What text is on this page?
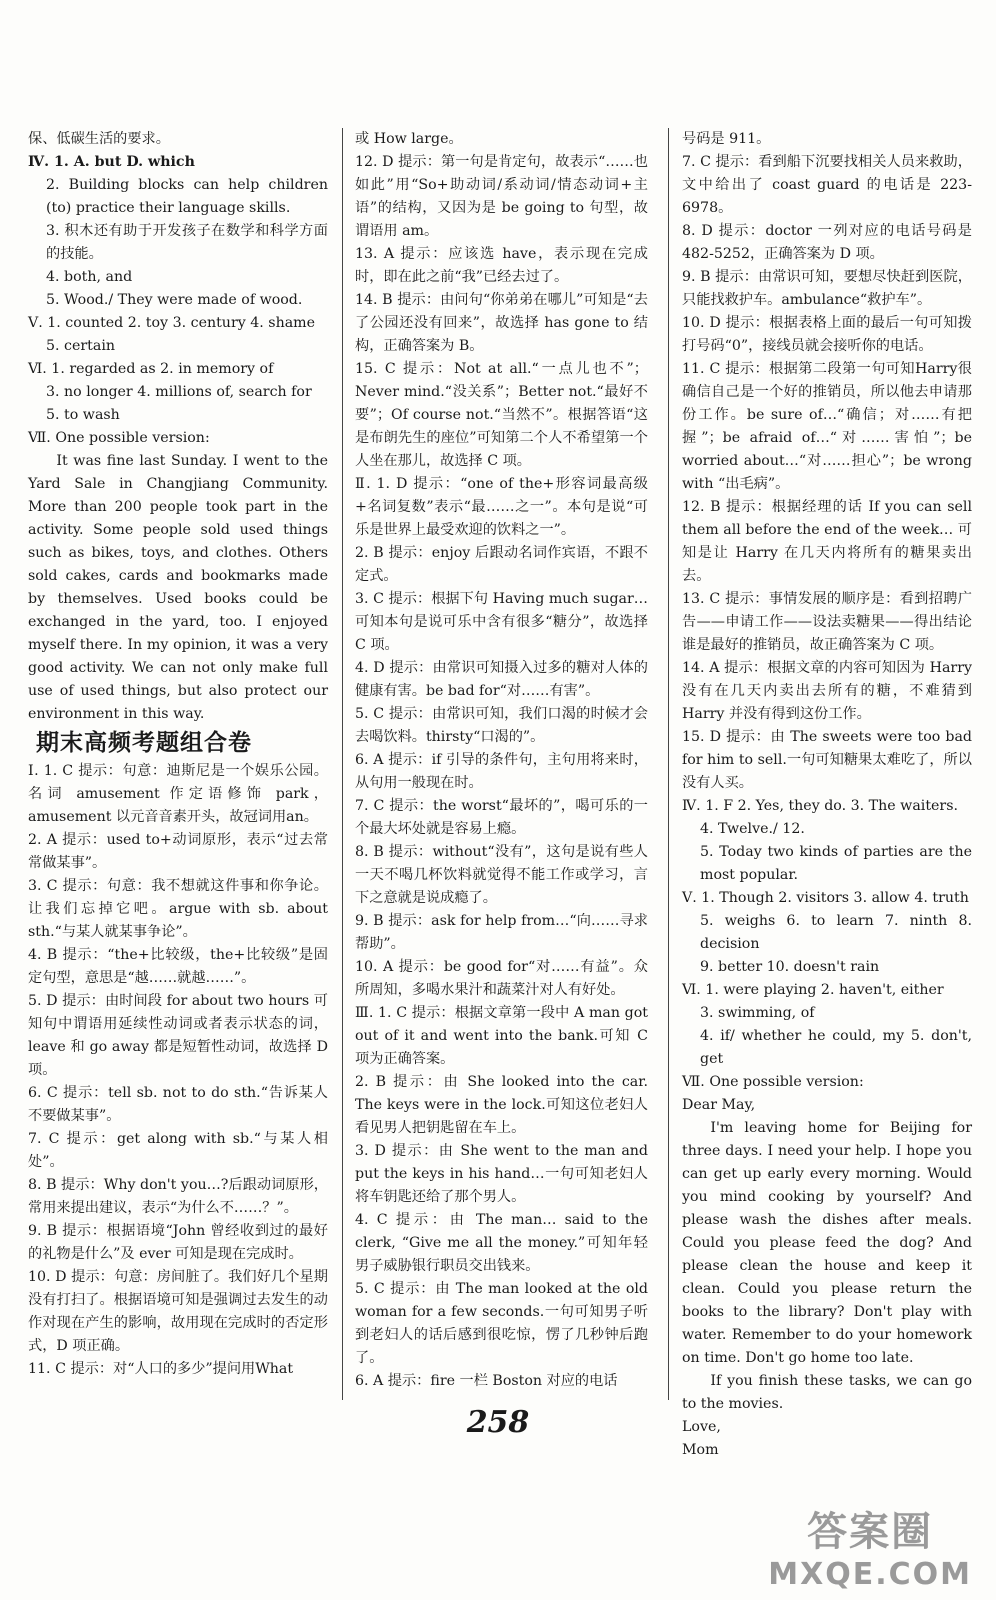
保、低碳生活的要求。

Ⅳ. 1. A. but D. which

2. Building blocks can help children (to) practice their language skills.

3. 积木还有助于开发孩子在数学和科学方面的技能。

4. both, and

5. Wood./ They were made of wood.

Ⅴ. 1. counted 2. toy 3. century 4. shame

5. certain

Ⅵ. 1. regarded as 2. in memory of

3. no longer 4. millions of, search for

5. to wash

Ⅶ. One possible version:

It was fine last Sunday. I went to the Yard Sale in Changjiang Community. More than 200 people took part in the activity. Some people sold used things such as bikes, toys, and clothes. Others sold cakes, cards and bookmarks made by themselves. Used books could be exchanged in the yard, too. I enjoyed myself there. In my opinion, it was a very good activity. We can not only make full use of used things, but also protect our environment in this way.

期末高频考题组合卷

Ⅰ. 1. C 提示：句意：迪斯尼是一个娱乐公园。名词 amusement 作定语修饰 park，amusement 以元音音素开头，故冠词用an。

2. A 提示：used to+动词原形，表示“过去常常做某事”。

3. C 提示：句意：我不想就这件事和你争论。让我们忘掉它吧。argue with sb. about sth.“与某人就某事争论”。

4. B 提示：“the+比较级，the+比较级”是固定句型，意思是“越……就越……”。

5. D 提示：由时间段 for about two hours 可知句中谓语用延续性动词或者表示状态的词，leave 和 go away 都是短暂性动词，故选择 D 项。

6. C 提示：tell sb. not to do sth.“告诉某人不要做某事”。

7. C 提示：get along with sb.“与某人相处”。

8. B 提示：Why don't you…?后跟动词原形，常用来提出建议，表示“为什么不……？”。

9. B 提示：根据语境“John 曾经收到过的最好的礼物是什么”及 ever 可知是现在完成时。

10. D 提示：句意：房间脏了。我们好几个星期没有打扫了。根据语境可知是强调过去发生的动作对现在产生的影响，故用现在完成时的否定形式，D 项正确。

11. C 提示：对“人口的多少”提问用What

或 How large。

12. D 提示：第一句是肯定句，故表示“……也如此”用“So+助动词/系动词/情态动词+主语”的结构，又因为是 be going to 句型，故谓语用 am。

13. A 提示：应该选 have，表示现在完成时，即在此之前“我”已经去过了。

14. B 提示：由问句“你弟弟在哪儿”可知是“去了公园还没有回来”，故选择 has gone to 结构，正确答案为 B。

15. C 提示：Not at all.“一点儿也不”；Never mind.“没关系”；Better not.“最好不要”；Of course not.“当然不”。根据答语“这是布朗先生的座位”可知第二个人不希望第一个人坐在那儿，故选择 C 项。

Ⅱ. 1. D 提示：“one of the+形容词最高级+名词复数”表示“最……之一”。本句是说“可乐是世界上最受欢迎的饮料之一”。

2. B 提示：enjoy 后跟动名词作宾语，不跟不定式。

3. C 提示：根据下句 Having much sugar… 可知本句是说可乐中含有很多“糖分”，故选择 C 项。

4. D 提示：由常识可知摄入过多的糖对人体的健康有害。be bad for“对……有害”。

5. C 提示：由常识可知，我们口渴的时候才会去喝饮料。thirsty“口渴的”。

6. A 提示：if 引导的条件句，主句用将来时，从句用一般现在时。

7. C 提示：the worst“最坏的”，喝可乐的一个最大坏处就是容易上瘾。

8. B 提示：without“没有”，这句是说有些人一天不喝几杯饮料就觉得不能工作或学习，言下之意就是说成瘾了。

9. B 提示：ask for help from…“向……寻求帮助”。

10. A 提示：be good for“对……有益”。众所周知，多喝水果汁和蔬菜汁对人有好处。

Ⅲ. 1. C 提示：根据文章第一段中 A man got out of it and went into the bank.可知 C 项为正确答案。

2. B 提示：由 She looked into the car. The keys were in the lock.可知这位老妇人看见男人把钥匙留在车上。

3. D 提示：由 She went to the man and put the keys in his hand…一句可知老妇人将车钥匙还给了那个男人。

4. C 提示：由 The man… said to the clerk, “Give me all the money.”可知年轻男子威胁银行职员交出钱来。

5. C 提示：由 The man looked at the old woman for a few seconds.一句可知男子听到老妇人的话后感到很吃惊，愣了几秒钟后跑了。

6. A 提示：fire 一栏 Boston 对应的电话

号码是 911。

7. C 提示：看到船下沉要找相关人员来救助，文中给出了 coast guard 的电话是 223-6978。

8. D 提示：doctor 一列对应的电话号码是 482-5252，正确答案为 D 项。

9. B 提示：由常识可知，要想尽快赶到医院，只能找救护车。ambulance“救护车”。

10. D 提示：根据表格上面的最后一句可知拨打号码“0”，接线员就会接听你的电话。

11. C 提示：根据第二段第一句可知Harry很确信自己是一个好的推销员，所以他去申请那份工作。be sure of…“确信；对……有把握”；be afraid of…“对……害怕”；be worried about…“对……担心”；be wrong with “出毛病”。

12. B 提示：根据经理的话 If you can sell them all before the end of the week… 可知是让 Harry 在几天内将所有的糖果卖出去。

13. C 提示：事情发展的顺序是：看到招聘广告——申请工作——设法卖糖果——得出结论谁是最好的推销员，故正确答案为 C 项。

14. A 提示：根据文章的内容可知因为 Harry 没有在几天内卖出去所有的糖，不难猜到 Harry 并没有得到这份工作。

15. D 提示：由 The sweets were too bad for him to sell.一句可知糖果太难吃了，所以没有人买。

Ⅳ. 1. F 2. Yes, they do. 3. The waiters.

4. Twelve./ 12.

5. Today two kinds of parties are the most popular.

Ⅴ. 1. Though 2. visitors 3. allow 4. truth

5. weighs 6. to learn 7. ninth 8. decision

9. better 10. doesn't rain

Ⅵ. 1. were playing 2. haven't, either

3. swimming, of

4. if/ whether he could, my 5. don't, get

Ⅶ. One possible version:

Dear May,

I'm leaving home for Beijing for three days. I need your help. I hope you can get up early every morning. Would you mind cooking by yourself? And please wash the dishes after meals. Could you please feed the dog? And please clean the house and keep it clean. Could you please return the books to the library? Don't play with water. Remember to do your homework on time. Don't go home too late.

If you finish these tasks, we can go to the movies.

Love,

Mom

258
答案圈
MXQE.COM
